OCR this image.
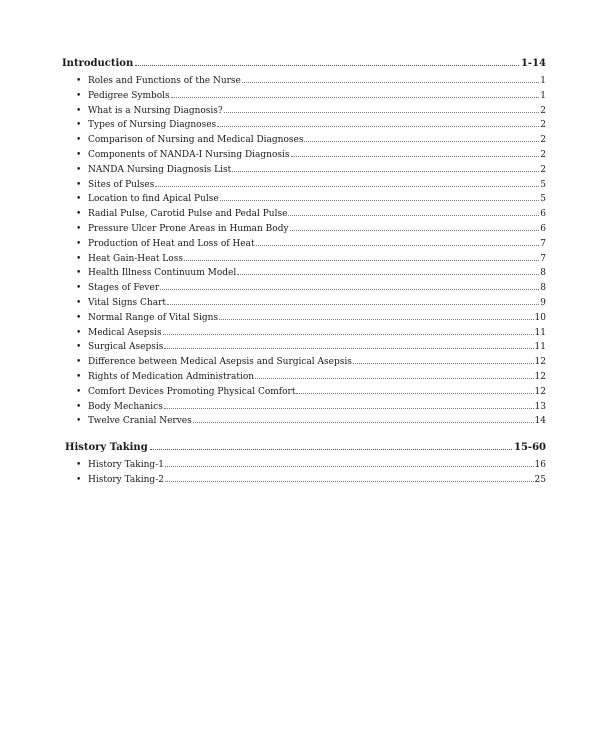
Introduction	1-14
• Roles and Functions of the Nurse	1
• Pedigree Symbols	1
• What is a Nursing Diagnosis?	2
• Types of Nursing Diagnoses	2
• Comparison of Nursing and Medical Diagnoses	2
• Components of NANDA-I Nursing Diagnosis	2
• NANDA Nursing Diagnosis List	2
• Sites of Pulses	5
• Location to find Apical Pulse	5
• Radial Pulse, Carotid Pulse and Pedal Pulse	6
• Pressure Ulcer Prone Areas in Human Body	6
• Production of Heat and Loss of Heat	7
• Heat Gain-Heat Loss	7
• Health Illness Continuum Model	8
• Stages of Fever	8
• Vital Signs Chart	9
• Normal Range of Vital Signs	10
• Medical Asepsis	11
• Surgical Asepsis	11
• Difference between Medical Asepsis and Surgical Asepsis	12
• Rights of Medication Administration	12
• Comfort Devices Promoting Physical Comfort	12
• Body Mechanics	13
• Twelve Cranial Nerves	14
History Taking	15-60
• History Taking-1	16
• History Taking-2	25
